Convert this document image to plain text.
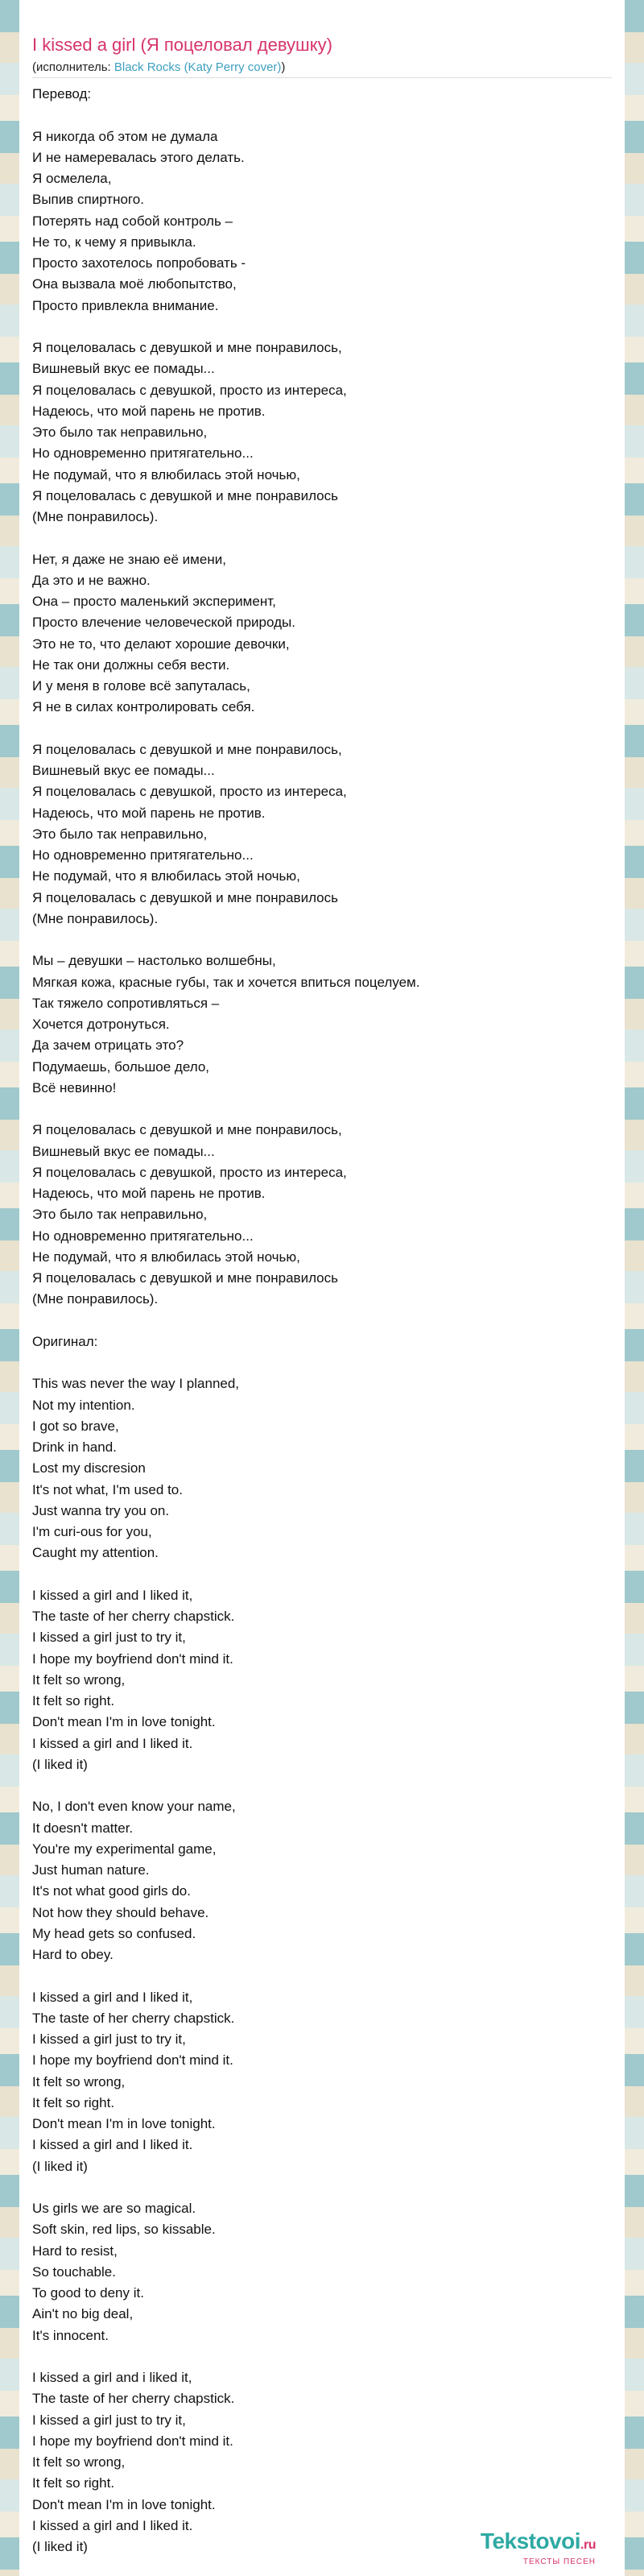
I kissed a girl (Я поцеловал девушку)
(исполнитель: Black Rocks (Katy Perry cover))
Перевод:

Я никогда об этом не думала
И не намеревалась этого делать.
Я осмелела,
Выпив спиртного.
Потерять над собой контроль –
Не то, к чему я привыкла.
Просто захотелось попробовать -
Она вызвала моё любопытство,
Просто привлекла внимание.

Я поцеловалась с девушкой и мне понравилось,
Вишневый вкус ее помады...
Я поцеловалась с девушкой, просто из интереса,
Надеюсь, что мой парень не против.
Это было так неправильно,
Но одновременно притягательно...
Не подумай, что я влюбилась этой ночью,
Я поцеловалась с девушкой и мне понравилось
(Мне понравилось).

Нет, я даже не знаю её имени,
Да это и не важно.
Она – просто маленький эксперимент,
Просто влечение человеческой природы.
Это не то, что делают хорошие девочки,
Не так они должны себя вести.
И у меня в голове всё запуталась,
Я не в силах контролировать себя.

Я поцеловалась с девушкой и мне понравилось,
Вишневый вкус ее помады...
Я поцеловалась с девушкой, просто из интереса,
Надеюсь, что мой парень не против.
Это было так неправильно,
Но одновременно притягательно...
Не подумай, что я влюбилась этой ночью,
Я поцеловалась с девушкой и мне понравилось
(Мне понравилось).

Мы – девушки – настолько волшебны,
Мягкая кожа, красные губы, так и хочется впиться поцелуем.
Так тяжело сопротивляться –
Хочется дотронуться.
Да зачем отрицать это?
Подумаешь, большое дело,
Всё невинно!

Я поцеловалась с девушкой и мне понравилось,
Вишневый вкус ее помады...
Я поцеловалась с девушкой, просто из интереса,
Надеюсь, что мой парень не против.
Это было так неправильно,
Но одновременно притягательно...
Не подумай, что я влюбилась этой ночью,
Я поцеловалась с девушкой и мне понравилось
(Мне понравилось).

Оригинал:

This was never the way I planned,
Not my intention.
I got so brave,
Drink in hand.
Lost my discresion
It's not what, I'm used to.
Just wanna try you on.
I'm curi-ous for you,
Caught my attention.

I kissed a girl and I liked it,
The taste of her cherry chapstick.
I kissed a girl just to try it,
I hope my boyfriend don't mind it.
It felt so wrong,
It felt so right.
Don't mean I'm in love tonight.
I kissed a girl and I liked it.
(I liked it)

No, I don't even know your name,
It doesn't matter.
You're my experimental game,
Just human nature.
It's not what good girls do.
Not how they should behave.
My head gets so confused.
Hard to obey.

I kissed a girl and I liked it,
The taste of her cherry chapstick.
I kissed a girl just to try it,
I hope my boyfriend don't mind it.
It felt so wrong,
It felt so right.
Don't mean I'm in love tonight.
I kissed a girl and I liked it.
(I liked it)

Us girls we are so magical.
Soft skin, red lips, so kissable.
Hard to resist,
So touchable.
To good to deny it.
Ain't no big deal,
It's innocent.

I kissed a girl and i liked it,
The taste of her cherry chapstick.
I kissed a girl just to try it,
I hope my boyfriend don't mind it.
It felt so wrong,
It felt so right.
Don't mean I'm in love tonight.
I kissed a girl and I liked it.
(I liked it)	Tekstovoi.ru
ТЕКСТЫ ПЕСЕН
